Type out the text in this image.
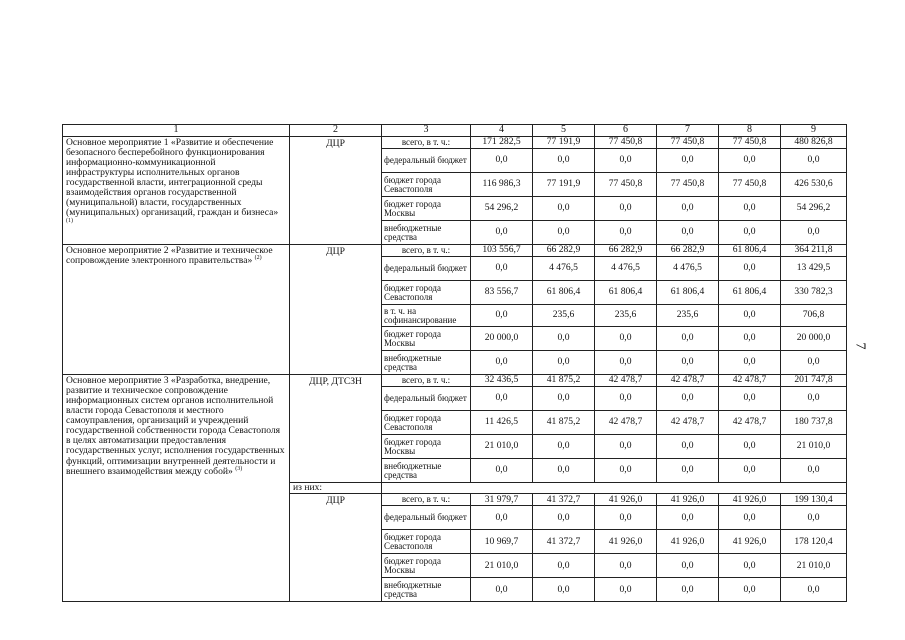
1	2	3	4	5	6	7	8	9
Основное мероприятие 1 «Развитие и обеспечение безопасного бесперебойного функционирования информационно-коммуникационной инфраструктуры исполнительных органов государственной власти, интеграционной среды взаимодействия органов государственной (муниципальной) власти, государственных (муниципальных) организаций, граждан и бизнеса» $^{(1)}$	ДЦР	всего, в т. ч.:	171 282,5	77 191,9	77 450,8	77 450,8	77 450,8	480 826,8
		федеральный бюджет	0,0	0,0	0,0	0,0	0,0	0,0
		бюджет города Севастополя	116 986,3	77 191,9	77 450,8	77 450,8	77 450,8	426 530,6
		бюджет города Москвы	54 296,2	0,0	0,0	0,0	0,0	54 296,2
		внебюджетные средства	0,0	0,0	0,0	0,0	0,0	0,0
Основное мероприятие 2 «Развитие и техническое сопровождение электронного правительства» $^{(2)}$	ДЦР	всего, в т. ч.:	103 556,7	66 282,9	66 282,9	66 282,9	61 806,4	364 211,8
		федеральный бюджет	0,0	4 476,5	4 476,5	4 476,5	0,0	13 429,5
		бюджет города Севастополя	83 556,7	61 806,4	61 806,4	61 806,4	61 806,4	330 782,3
		в т. ч. на софинансирование	0,0	235,6	235,6	235,6	0,0	706,8
		бюджет города Москвы	20 000,0	0,0	0,0	0,0	0,0	20 000,0
		внебюджетные средства	0,0	0,0	0,0	0,0	0,0	0,0
Основное мероприятие 3 «Разработка, внедрение, развитие и техническое сопровождение информационных систем органов исполнительной власти города Севастополя и местного самоуправления, организаций и учреждений государственной собственности города Севастополя в целях автоматизации предоставления государственных услуг, исполнения государственных функций, оптимизации внутренней деятельности и внешнего взаимодействия между собой» $^{(3)}$	ДЦР, ДТСЗН	всего, в т. ч.:	32 436,5	41 875,2	42 478,7	42 478,7	42 478,7	201 747,8
		федеральный бюджет	0,0	0,0	0,0	0,0	0,0	0,0
		бюджет города Севастополя	11 426,5	41 875,2	42 478,7	42 478,7	42 478,7	180 737,8
		бюджет города Москвы	21 010,0	0,0	0,0	0,0	0,0	21 010,0
		внебюджетные средства	0,0	0,0	0,0	0,0	0,0	0,0
	из них:							
	ДЦР	всего, в т. ч.:	31 979,7	41 372,7	41 926,0	41 926,0	41 926,0	199 130,4
		федеральный бюджет	0,0	0,0	0,0	0,0	0,0	0,0
		бюджет города Севастополя	10 969,7	41 372,7	41 926,0	41 926,0	41 926,0	178 120,4
		бюджет города Москвы	21 010,0	0,0	0,0	0,0	0,0	21 010,0
		внебюджетные средства	0,0	0,0	0,0	0,0	0,0	0,0
7
